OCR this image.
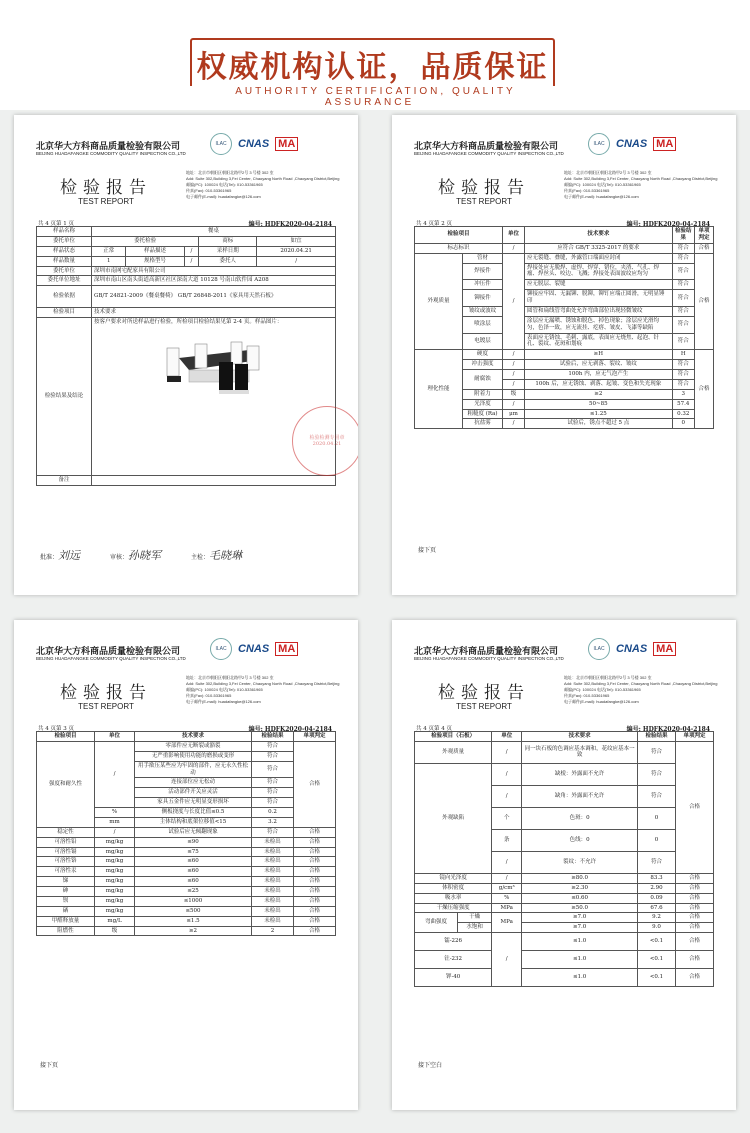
权威机构认证，品质保证
AUTHORITY CERTIFICATION, QUALITY ASSURANCE
北京华大方科商品质量检验有限公司
BEIJING HUADAFANGKE COMMODITY QUALITY INSPECTION CO.,LTD
ILAC	CNAS MA
地址：北京市朝阳区朝阳北路甲2号 3 号楼 302 室
Add: Suite 302,Building 3,Fei Center, Chaoyang North Road ,Chaoyang District,Beijing
邮编(PC): 100024 电话(Tel): 010-53361965
传真(Fax): 010-53361965
电子邮件(E-mail): huadafangke@126.com
检验报告
TEST REPORT
共 4 页第 1 页	编号: HDFK2020-04-2184
样品名称	餐桌				
委托单位	委托检验			商标	如宜
样品状态	正常	样品描述	/	采样日期	2020.04.21
样品数量	1	规格型号	/	委托人	/
委托单位	深圳市南网宅配家具有限公司				
委托单位地址	深圳市南山区南头街道高新区社区深南大道 10128 号南山软件园 A208				
检验依据	GB/T 24821-2009《餐桌餐椅》 GB/T 26848-2011《家具用天然石板》				
检验项目	技术要求				
检验结果及结论	按客户要求对所送样品进行检验，所检项目检验结果见第 2-4 页。样品图片：
检验检测专用章
2020.04.21				

备注					
批准：刘远	审核：孙晓军	主检：毛晓琳
北京华大方科商品质量检验有限公司
BEIJING HUADAFANGKE COMMODITY QUALITY INSPECTION CO.,LTD
ILAC	CNAS MA
地址：北京市朝阳区朝阳北路甲2号 3 号楼 302 室
Add: Suite 302,Building 3,Fei Center, Chaoyang North Road ,Chaoyang District,Beijing
邮编(PC): 100024 电话(Tel): 010-53361965
传真(Fax): 010-53361965
电子邮件(E-mail): huadafangke@126.com
检验报告
TEST REPORT
共 4 页第 2 页	编号: HDFK2020-04-2184
检验项目		单位	技术要求	检验结果	单项判定
标志标识		/	应符合 GB/T 3325-2017 的要求	符合	合格
外观质量	管材	/	应无裂缝、叠缝，外露管口端面应封闭	符合	合格
	焊接件		焊接处应无脱焊、虚焊、焊穿、错位，夹渣、气孔、焊瘤、焊丝头、咬边、飞溅；焊接处表面波纹应均匀	符合	
	冲压件		应无脱层、裂缝	符合	
	铆接件		铆接应牢固、无漏铆、脱铆，铆钉应端正圆滑，无明显锤印	符合	
	皱纹或波纹		圆管和扁线管弯曲处允许弯曲部位出现轻微皱纹	符合	
	喷涂层		涂层应无漏喷、锈蚀和脱色、掉色现象；涂层应光滑均匀，色泽一致，应无流挂、疙瘩、皱皮、飞漆等缺陷	符合	
	电镀层		表面应无锈蚀、毛刺、露底，表面应无烧焦、起泡、针孔、裂纹、花斑和划痕	符合	
理化性能	硬度	/	≥H	H	合格
	冲击强度	/	试验后，应无剥落、裂纹、皱纹	符合	
	耐腐蚀	/	100h 内，应无气泡产生	符合	
		/	100h 后，应无锈蚀、剥落、起皱、变色和失光现象	符合	
	附着力	级	≥2	3	
	光泽度	/	50~85	57.4	
	粗糙度 (Ra)	μm	≤1.25	0.32	
	抗盐雾	/	试验后，锈点不超过 5 点	0	
接下页
北京华大方科商品质量检验有限公司
BEIJING HUADAFANGKE COMMODITY QUALITY INSPECTION CO.,LTD
ILAC	CNAS MA
地址：北京市朝阳区朝阳北路甲2号 3 号楼 302 室
Add: Suite 302,Building 3,Fei Center, Chaoyang North Road ,Chaoyang District,Beijing
邮编(PC): 100024 电话(Tel): 010-53361965
传真(Fax): 010-53361965
电子邮件(E-mail): huadafangke@126.com
检验报告
TEST REPORT
共 4 页第 3 页	编号: HDFK2020-04-2184
检验项目	单位	技术要求	检验结果	单项判定
强度和耐久性	/	零部件应无断裂或豁裂	符合	合格
		无严重影响使用功能的磨损或变形	符合	
		用手揿压某些应为牢固的部件，应无永久性松动	符合	
		连接部位应无松动	符合	
		活动部件开关应灵活	符合	
		家具五金件应无明显变形损坏	符合	
	%	侧板挠度与长度比值≤0.5	0.2	
	mm	主体结构和底架位移值<15	3.2	
稳定性	/	试验后应无倾翻现象	符合	合格
可溶性铅	mg/kg	≤90	未检出	合格
可溶性镉	mg/kg	≤75	未检出	合格
可溶性铬	mg/kg	≤60	未检出	合格
可溶性汞	mg/kg	≤60	未检出	合格
锑	mg/kg	≤60	未检出	合格
砷	mg/kg	≤25	未检出	合格
钡	mg/kg	≤1000	未检出	合格
硒	mg/kg	≤500	未检出	合格
甲醛释放量	mg/L	≤1.5	未检出	合格
阻燃性	级	≥2	2	合格
接下页
北京华大方科商品质量检验有限公司
BEIJING HUADAFANGKE COMMODITY QUALITY INSPECTION CO.,LTD
ILAC	CNAS MA
地址：北京市朝阳区朝阳北路甲2号 3 号楼 302 室
Add: Suite 302,Building 3,Fei Center, Chaoyang North Road ,Chaoyang District,Beijing
邮编(PC): 100024 电话(Tel): 010-53361965
传真(Fax): 010-53361965
电子邮件(E-mail): huadafangke@126.com
检验报告
TEST REPORT
共 4 页第 4 页	编号: HDFK2020-04-2184
检验项目（石板）		单位	技术要求	检验结果	单项判定
外观质量		/	同一块石板的色调应基本调和，花纹应基本一致	符合	合格
外观缺陷		/	缺棱：外露面不允许	符合	
		/	缺角：外露面不允许	符合	
		个	色斑：0	0	
		条	色线：0	0	
		/	裂纹：不允许	符合	
镜向光泽度		/	≥80.0	83.3	合格
体积密度		g/cm³	≥2.30	2.90	合格
吸水率		%	≤0.60	0.09	合格
干燥压缩强度		MPa	≥50.0	67.6	合格
弯曲强度	干燥	MPa	≥7.0	9.2	合格
	水饱和		≥7.0	9.0	合格
镭-226		/	≤1.0	<0.1	合格
钍-232			≤1.0	<0.1	合格
钾-40			≤1.0	<0.1	合格
接下空白
